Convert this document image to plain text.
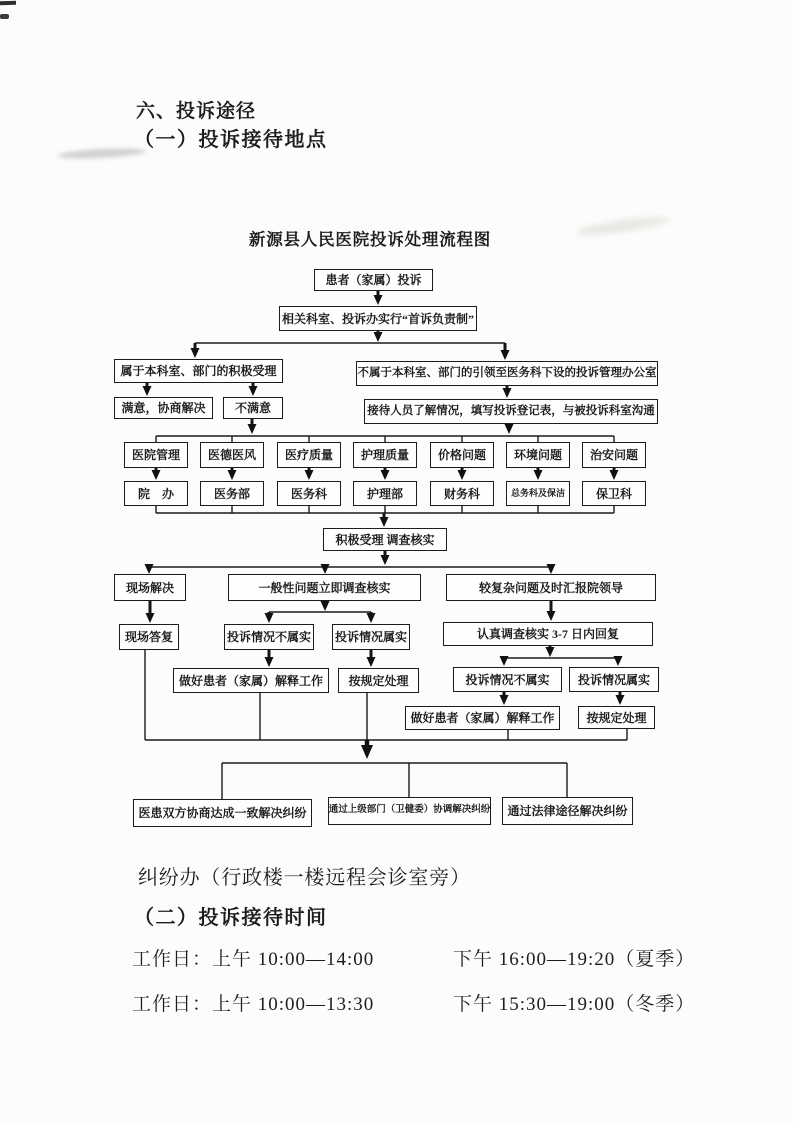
六、投诉途径
（一）投诉接待地点
新源县人民医院投诉处理流程图
患者（家属）投诉
相关科室、投诉办实行“首诉负责制”
属于本科室、部门的积极受理	不属于本科室、部门的引领至医务科下设的投诉管理办公室
满意，协商解决	不满意	接待人员了解情况，填写投诉登记表，与被投诉科室沟通
医院管理	医德医风	医疗质量	护理质量	价格问题	环境问题	治安问题
院　办	医务部	医务科	护理部	财务科	总务科及保洁	保卫科
积极受理 调查核实
现场解决	一般性问题立即调查核实	较复杂问题及时汇报院领导
现场答复	投诉情况不属实 投诉情况属实	认真调查核实 3-7 日内回复
做好患者（家属）解释工作	按规定处理	投诉情况不属实	投诉情况属实
做好患者（家属）解释工作	按规定处理
医患双方协商达成一致解决纠纷	通过上级部门（卫健委）协调解决纠纷	通过法律途径解决纠纷
纠纷办（行政楼一楼远程会诊室旁）
（二）投诉接待时间
工作日：上午 10:00—14:00	下午 16:00—19:20（夏季）
工作日：上午 10:00—13:30	下午 15:30—19:00（冬季）
